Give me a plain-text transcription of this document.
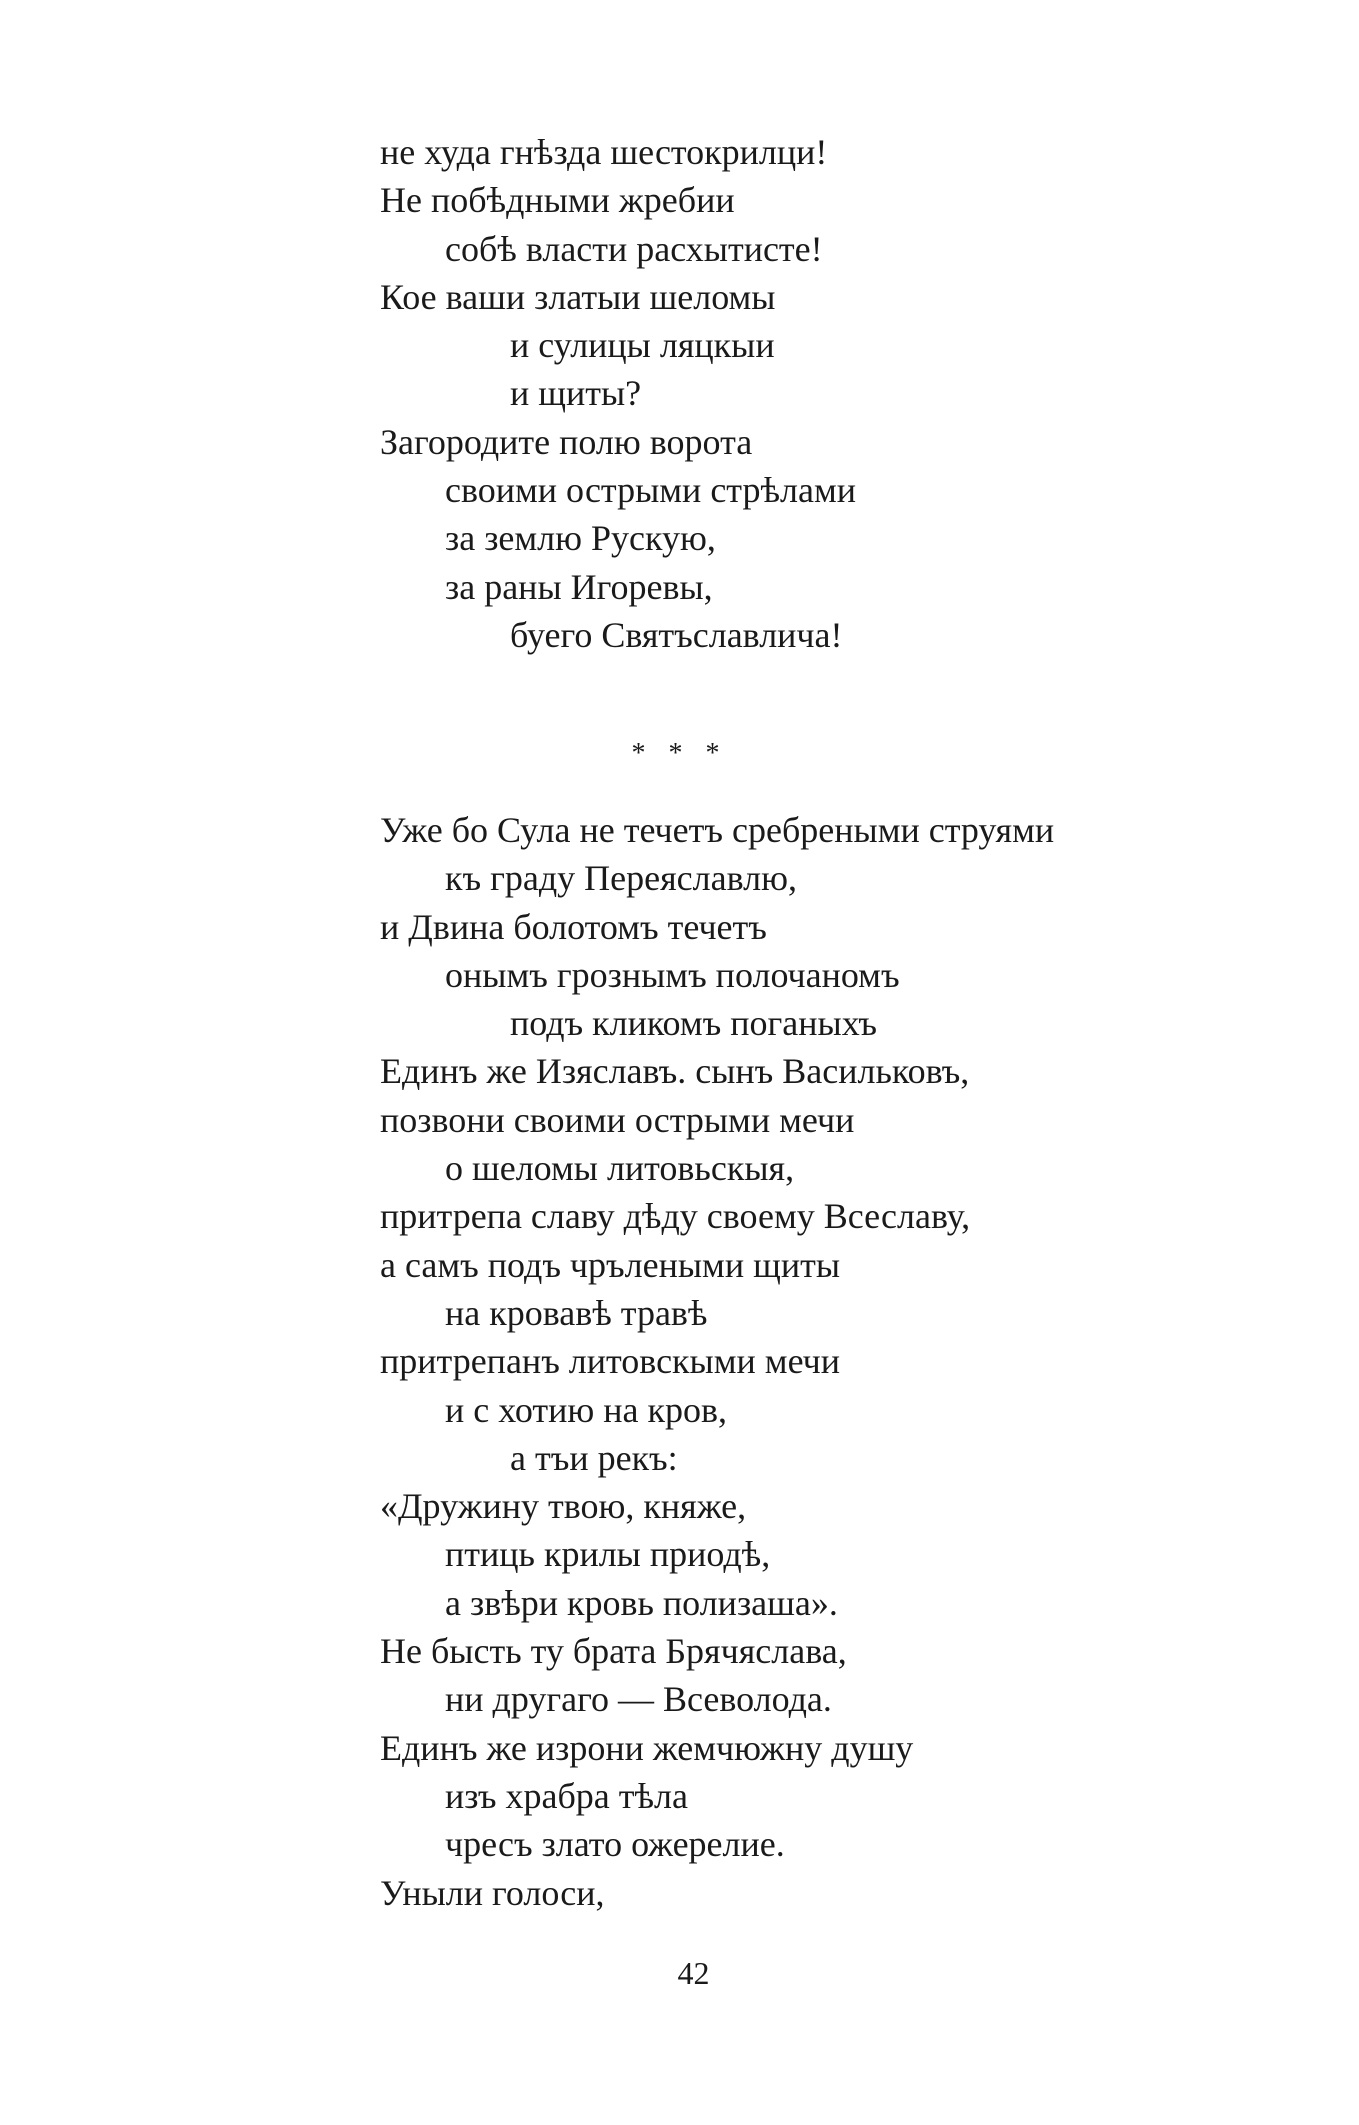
не худа гнѣзда шестокрилци!
Не побѣдными жребии
собѣ власти расхытисте!
Кое ваши златыи шеломы
и сулицы ляцкыи
и щиты?
Загородите полю ворота
своими острыми стрѣлами
за землю Рускую,
за раны Игоревы,
буего Святъславлича!
* * *
Уже бо Сула не течетъ сребреными струями
къ граду Переяславлю,
и Двина болотомъ течетъ
онымъ грознымъ полочаномъ
подъ кликомъ поганыхъ
Единъ же Изяславъ. сынъ Васильковъ,
позвони своими острыми мечи
о шеломы литовьскыя,
притрепа славу дѣду своему Всеславу,
а самъ подъ чрълеными щиты
на кровавѣ травѣ
притрепанъ литовскыми мечи
и с хотию на кров,
а тъи рекъ:
«Дружину твою, княже,
птиць крилы приодѣ,
а звѣри кровь полизаша».
Не бысть ту брата Брячяслава,
ни другаго — Всеволода.
Единъ же изрони жемчюжну душу
изъ храбра тѣла
чресъ злато ожерелие.
Уныли голоси,
42
